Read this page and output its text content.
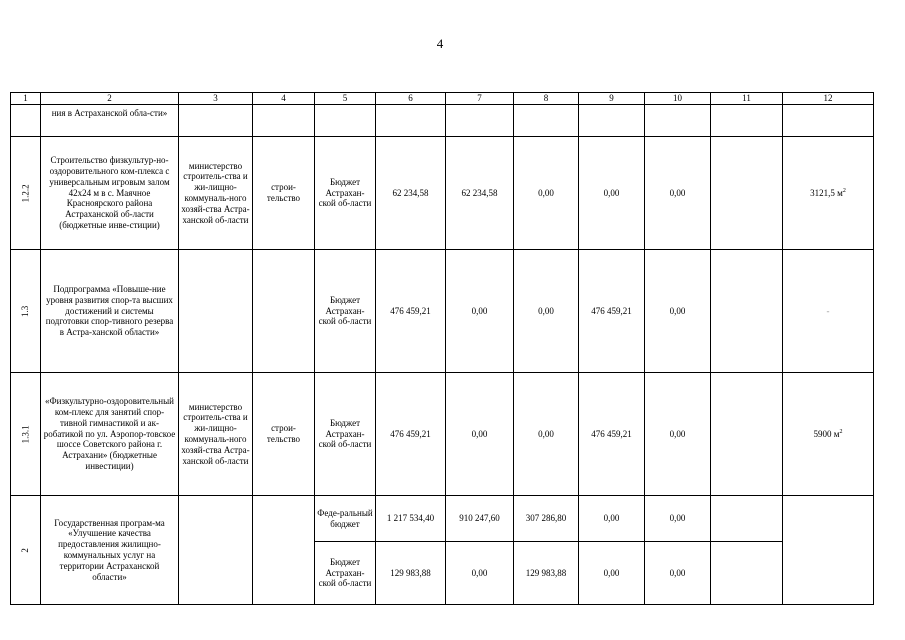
4
1	2	3	4	5	6	7	8	9	10	11	12
	ния в Астраханской обла-сти»										
1.2.2	Строительство физкультур-но-оздоровительного ком-плекса с универсальным игровым залом 42х24 м в с. Маячное Красноярского района Астраханской об-ласти (бюджетные инве-стиции)	министерство строитель-ства и жи-лищно-коммуналь-ного хозяй-ства Астра-ханской об-ласти	строи-тельство	Бюджет Астрахан-ской об-ласти	62 234,58	62 234,58	0,00	0,00	0,00		3121,5 $м^2$
1.3	Подпрограмма «Повыше-ние уровня развития спор-та высших достижений и системы подготовки спор-тивного резерва в Астра-ханской области»			Бюджет Астрахан-ской об-ласти	476 459,21	0,00	0,00	476 459,21	0,00		-
1.3.1	«Физкультурно-оздоровительный ком-плекс для занятий спор-тивной гимнастикой и ак-робатикой по ул. Аэропор-товское шоссе Советского района г. Астрахани» (бюджетные инвестиции)	министерство строитель-ства и жи-лищно-коммуналь-ного хозяй-ства Астра-ханской об-ласти	строи-тельство	Бюджет Астрахан-ской об-ласти	476 459,21	0,00	0,00	476 459,21	0,00		5900 $м^2$
2	Государственная програм-ма «Улучшение качества предоставления жилищно-коммунальных услуг на территории Астраханской области»			Феде-ральный бюджет	1 217 534,40	910 247,60	307 286,80	0,00	0,00		
				Бюджет Астрахан-ской об-ласти	129 983,88	0,00	129 983,88	0,00	0,00		
